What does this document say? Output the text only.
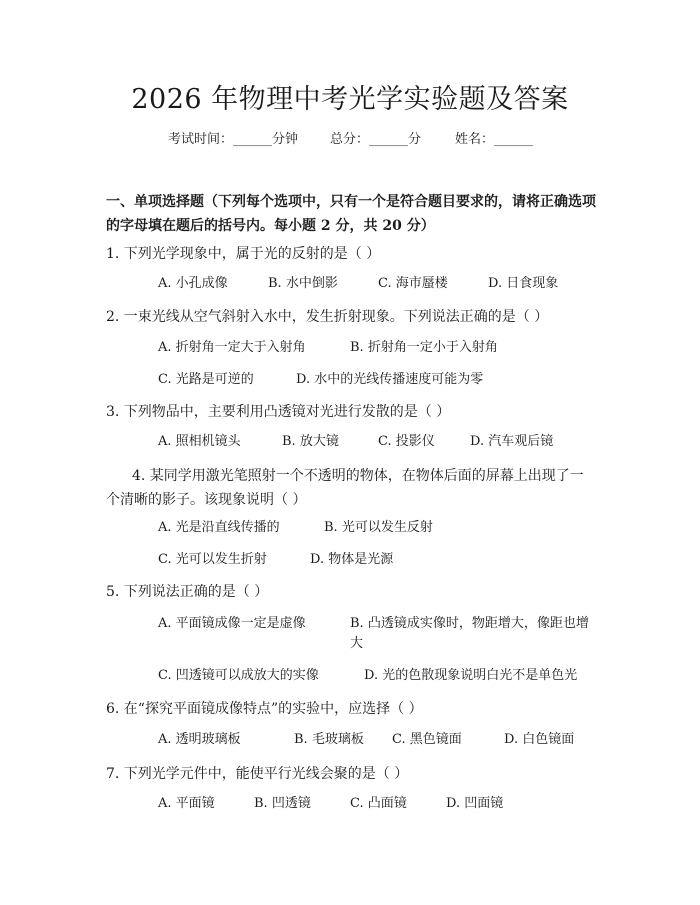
2026 年物理中考光学实验题及答案
考试时间：______分钟 总分：______分	姓名：______
一、单项选择题（下列每个选项中，只有一个是符合题目要求的，请将正确选项的字母填在题后的括号内。每小题 2 分，共 20 分）
1. 下列光学现象中，属于光的反射的是（ ）
A. 小孔成像	B. 水中倒影	C. 海市蜃楼	D. 日食现象
2. 一束光线从空气斜射入水中，发生折射现象。下列说法正确的是（ ）
A. 折射角一定大于入射角	B. 折射角一定小于入射角
C. 光路是可逆的	D. 水中的光线传播速度可能为零
3. 下列物品中，主要利用凸透镜对光进行发散的是（ ）
A. 照相机镜头	B. 放大镜	C. 投影仪	D. 汽车观后镜
4. 某同学用激光笔照射一个不透明的物体，在物体后面的屏幕上出现了一个清晰的影子。该现象说明（ ）
A. 光是沿直线传播的	B. 光可以发生反射
C. 光可以发生折射	D. 物体是光源
5. 下列说法正确的是（ ）
A. 平面镜成像一定是虚像	B. 凸透镜成实像时，物距增大，像距也增大
C. 凹透镜可以成放大的实像	D. 光的色散现象说明白光不是单色光
6. 在“探究平面镜成像特点”的实验中，应选择（ ）
A. 透明玻璃板	B. 毛玻璃板 C. 黑色镜面	D. 白色镜面
7. 下列光学元件中，能使平行光线会聚的是（ ）
A. 平面镜	B. 凹透镜	C. 凸面镜	D. 凹面镜
